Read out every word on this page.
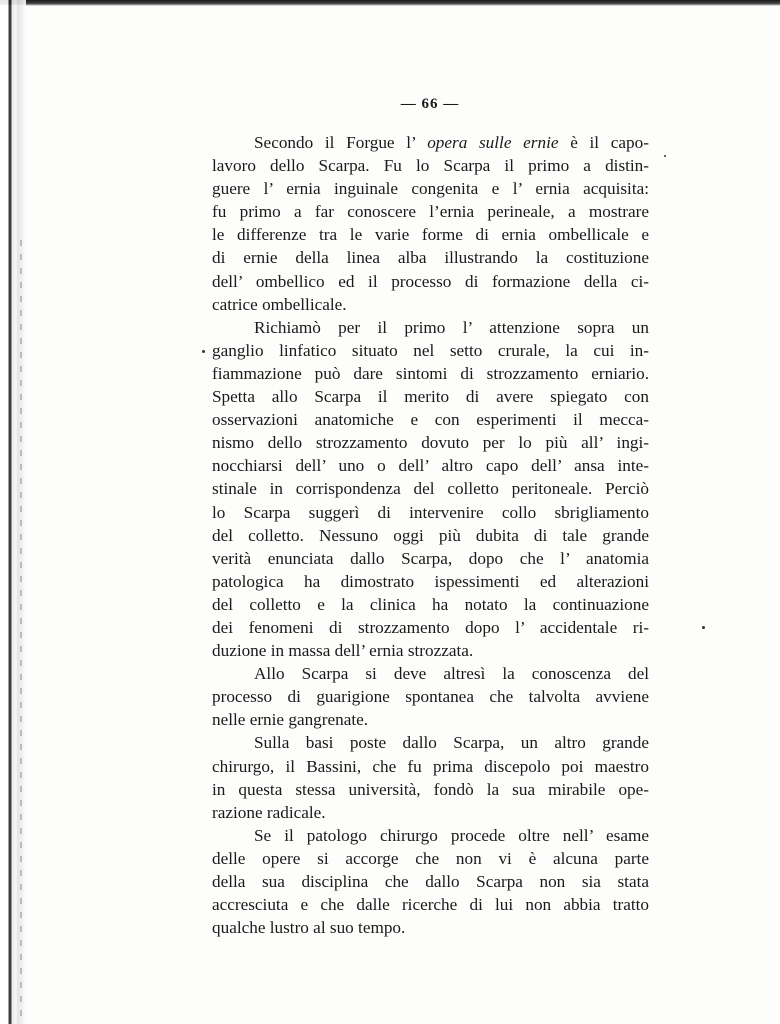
— 66 —
Secondo il Forgue l’ opera sulle ernie è il capo-
lavoro dello Scarpa. Fu lo Scarpa il primo a distin-
guere l’ ernia inguinale congenita e l’ ernia acquisita:
fu primo a far conoscere l’ernia perineale, a mostrare
le differenze tra le varie forme di ernia ombellicale e
di ernie della linea alba illustrando la costituzione
dell’ ombellico ed il processo di formazione della ci-
catrice ombellicale.
Richiamò per il primo l’ attenzione sopra un
ganglio linfatico situato nel setto crurale, la cui in-
fiammazione può dare sintomi di strozzamento erniario.
Spetta allo Scarpa il merito di avere spiegato con
osservazioni anatomiche e con esperimenti il mecca-
nismo dello strozzamento dovuto per lo più all’ ingi-
nocchiarsi dell’ uno o dell’ altro capo dell’ ansa inte-
stinale in corrispondenza del colletto peritoneale. Perciò
lo Scarpa suggerì di intervenire collo sbrigliamento
del colletto. Nessuno oggi più dubita di tale grande
verità enunciata dallo Scarpa, dopo che l’ anatomia
patologica ha dimostrato ispessimenti ed alterazioni
del colletto e la clinica ha notato la continuazione
dei fenomeni di strozzamento dopo l’ accidentale ri-
duzione in massa dell’ ernia strozzata.
Allo Scarpa si deve altresì la conoscenza del
processo di guarigione spontanea che talvolta avviene
nelle ernie gangrenate.
Sulla basi poste dallo Scarpa, un altro grande
chirurgo, il Bassini, che fu prima discepolo poi maestro
in questa stessa università, fondò la sua mirabile ope-
razione radicale.
Se il patologo chirurgo procede oltre nell’ esame
delle opere si accorge che non vi è alcuna parte
della sua disciplina che dallo Scarpa non sia stata
accresciuta e che dalle ricerche di lui non abbia tratto
qualche lustro al suo tempo.
